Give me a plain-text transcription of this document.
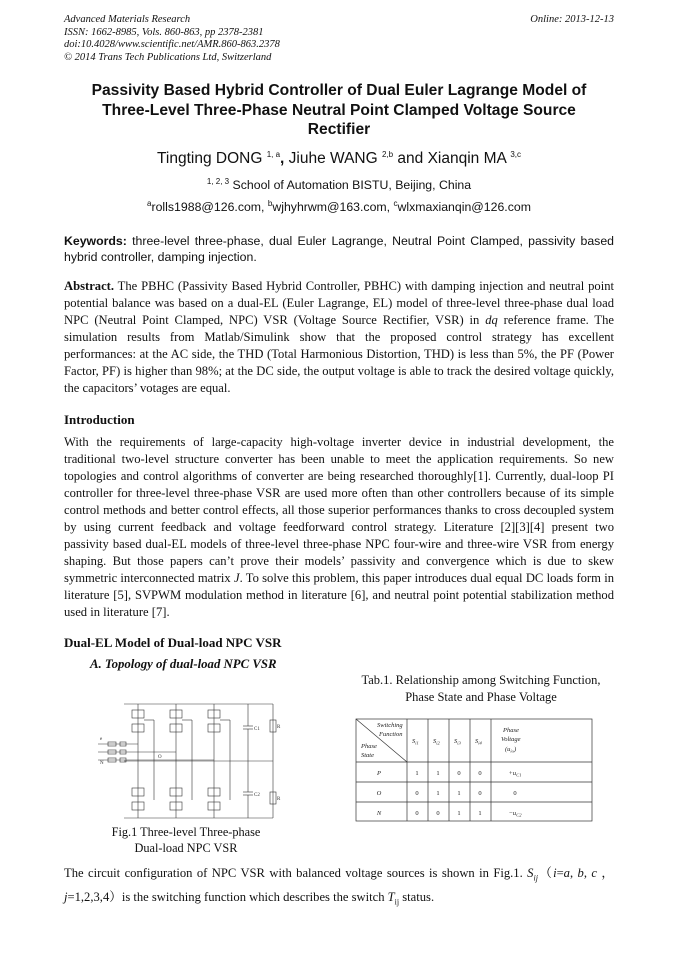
Advanced Materials Research
ISSN: 1662-8985, Vols. 860-863, pp 2378-2381
doi:10.4028/www.scientific.net/AMR.860-863.2378
© 2014 Trans Tech Publications Ltd, Switzerland
Online: 2013-12-13
Passivity Based Hybrid Controller of Dual Euler Lagrange Model of
Three-Level Three-Phase Neutral Point Clamped Voltage Source
Rectifier
Tingting DONG $^{1, a}$, Jiuhe WANG $^{2,b}$ and Xianqin MA $^{3,c}$
$^{1, 2, 3}$ School of Automation BISTU, Beijing, China
$^a$rolls1988@126.com, $^b$wjhyhrwm@163.com, $^c$wlxmaxianqin@126.com
Keywords: three-level three-phase, dual Euler Lagrange, Neutral Point Clamped, passivity based hybrid controller, damping injection.
Abstract. The PBHC (Passivity Based Hybrid Controller, PBHC) with damping injection and neutral point potential balance was based on a dual-EL (Euler Lagrange, EL) model of three-level three-phase dual load NPC (Neutral Point Clamped, NPC) VSR (Voltage Source Rectifier, VSR) in dq reference frame. The simulation results from Matlab/Simulink show that the proposed control strategy has excellent performances: at the AC side, the THD (Total Harmonious Distortion, THD) is less than 5%, the PF (Power Factor, PF) is higher than 98%; at the DC side, the output voltage is able to track the desired voltage quickly, the capacitors’ votages are equal.
Introduction
With the requirements of large-capacity high-voltage inverter device in industrial development, the traditional two-level structure converter has been unable to meet the application requirements. So new topologies and control algorithms of converter are being researched thoroughly[1]. Currently, dual-loop PI controller for three-level three-phase VSR are used more often than other controllers because of its simple control methods and better control effects, all those superior performances thanks to cross decoupled system by using current feedback and voltage feedforward control strategy. Literature [2][3][4] present two passivity based dual-EL models of three-level three-phase NPC four-wire and three-wire VSR from energy shaping. But those papers can’t prove their models’ passivity and convergence which is due to skew symmetric interconnected matrix J. To solve this problem, this paper introduces dual equal DC loads form in literature [5], SVPWM modulation method in literature [6], and neutral point potential stabilization method used in literature [7].
Dual-EL Model of Dual-load NPC VSR
A. Topology of dual-load NPC VSR
C1
C2
R
R
e
N
O
Fig.1 Three-level Three-phase
Dual-load NPC VSR
Tab.1. Relationship among Switching Function,
Phase State and Phase Voltage
Switching
Function
Phase
State
$S_{i1}$ $S_{i2}$ $S_{i3}$ $S_{i4}$
Phase
Voltage
$(u_{io})$
P	1	1	0	0	$+u_{C1}$
O	0	1	1	0	0
N	0	0	1	1	$-u_{C2}$
The circuit configuration of NPC VSR with balanced voltage sources is shown in Fig.1. $S_{ij}(i=a$, b, c ，j=1,2,3,4）is the switching function which describes the switch $T_{ij}$ status.
